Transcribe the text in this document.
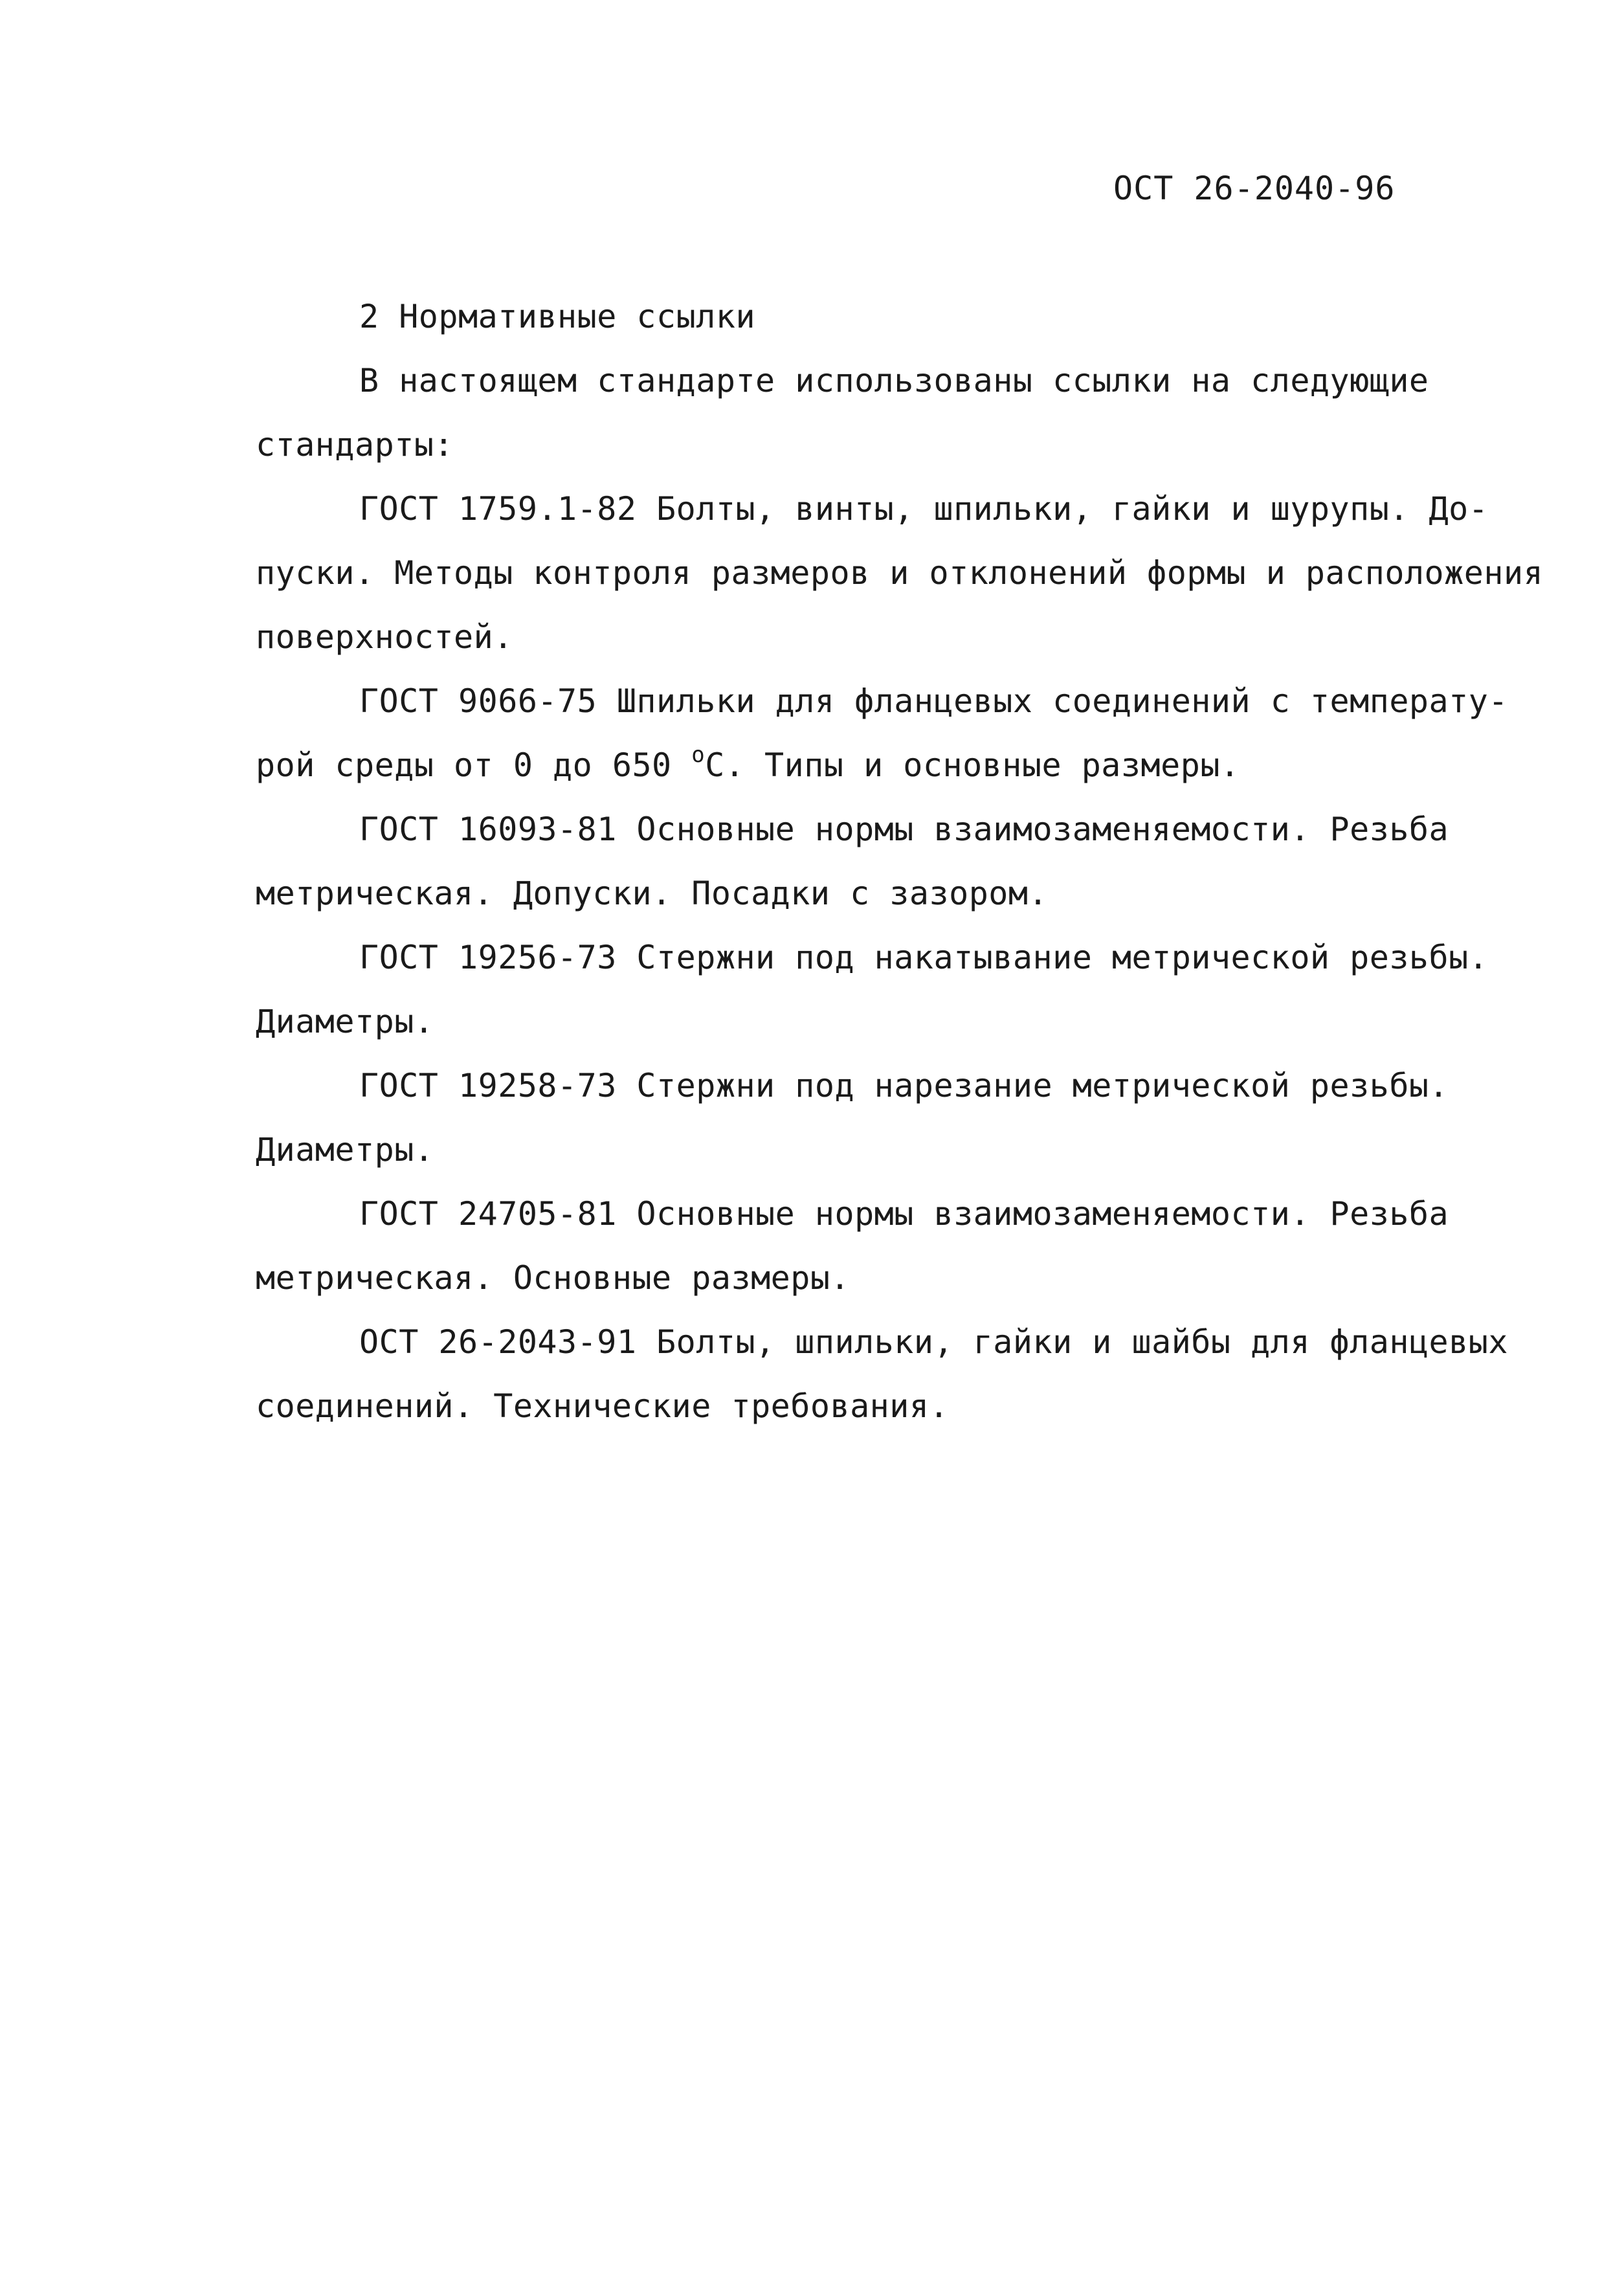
ОСТ 26-2040-96
2 Нормативные ссылки
В настоящем стандарте использованы ссылки на следующие
стандарты:
ГОСТ 1759.1-82 Болты, винты, шпильки, гайки и шурупы. До-
пуски. Методы контроля размеров и отклонений формы и расположения
поверхностей.
ГОСТ 9066-75 Шпильки для фланцевых соединений с температу-
рой среды от 0 до 650 $^о$С. Типы и основные размеры.
ГОСТ 16093-81 Основные нормы взаимозаменяемости. Резьба
метрическая. Допуски. Посадки с зазором.
ГОСТ 19256-73 Стержни под накатывание метрической резьбы.
Диаметры.
ГОСТ 19258-73 Стержни под нарезание метрической резьбы.
Диаметры.
ГОСТ 24705-81 Основные нормы взаимозаменяемости. Резьба
метрическая. Основные размеры.
ОСТ 26-2043-91 Болты, шпильки, гайки и шайбы для фланцевых
соединений. Технические требования.
